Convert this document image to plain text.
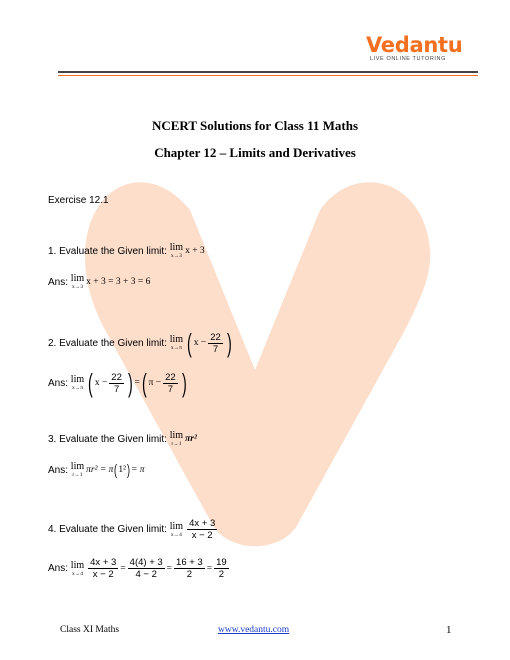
Vedantu
LIVE ONLINE TUTORING
NCERT Solutions for Class 11 Maths
Chapter 12 – Limits and Derivatives
Exercise 12.1
1. Evaluate the Given limit:
lim
x→3 x + 3
Ans:
lim
x→3 x + 3 = 3 + 3 = 6
2. Evaluate the Given limit:
lim
x→π ( $x - \frac{22}{7}$ )
Ans:
lim
x→π ( $x - \frac{22}{7}$ ) = ( $\pi - \frac{22}{7}$ )
3. Evaluate the Given limit:
lim
r→1 πr²
Ans:
lim
r→1 πr² = π ( 1² ) = π
4. Evaluate the Given limit:
lim
$x\to 4 \frac{4x + 3}{x - 2}$
Ans:
lim
$x\to 4 \frac{4x + 3}{x - 2} = \frac{4(4) + 3}{4 - 2} = \frac{16 + 3}{2} = \frac{19}{2}$
Class XI Maths	www.vedantu.com	1
